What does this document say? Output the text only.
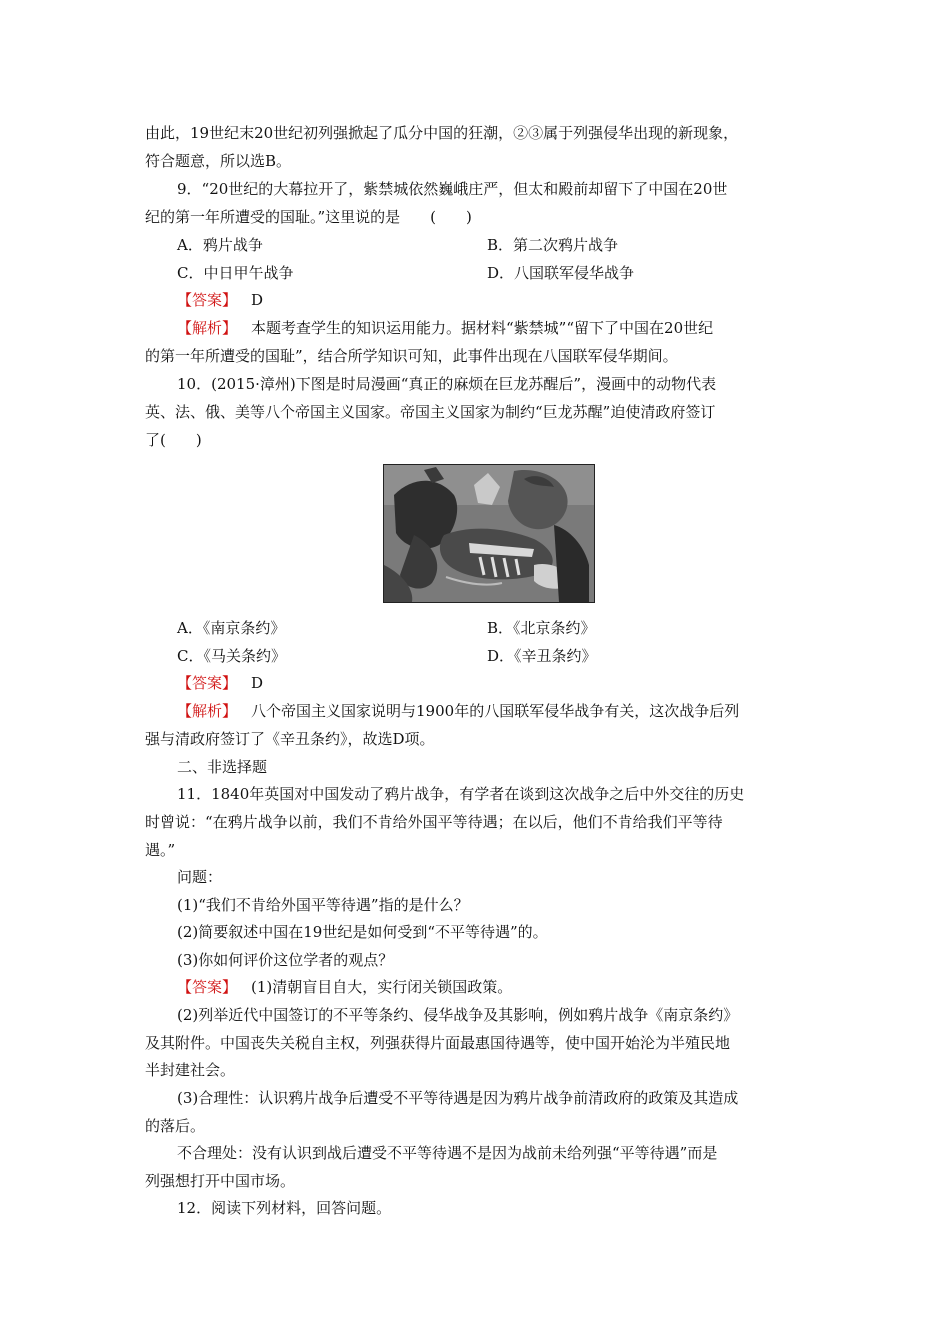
由此，19世纪末20世纪初列强掀起了瓜分中国的狂潮，②③属于列强侵华出现的新现象，
符合题意，所以选B。
9．“20世纪的大幕拉开了，紫禁城依然巍峨庄严，但太和殿前却留下了中国在20世
纪的第一年所遭受的国耻。”这里说的是　　(　　)
A．鸦片战争	B．第二次鸦片战争
C．中日甲午战争	D．八国联军侵华战争
【答案】 D
【解析】 本题考查学生的知识运用能力。据材料“紫禁城”“留下了中国在20世纪
的第一年所遭受的国耻”，结合所学知识可知，此事件出现在八国联军侵华期间。
10．(2015·漳州)下图是时局漫画“真正的麻烦在巨龙苏醒后”，漫画中的动物代表
英、法、俄、美等八个帝国主义国家。帝国主义国家为制约“巨龙苏醒”迫使清政府签订
了(　　)
A．《南京条约》	B．《北京条约》
C．《马关条约》	D．《辛丑条约》
【答案】 D
【解析】 八个帝国主义国家说明与1900年的八国联军侵华战争有关，这次战争后列
强与清政府签订了《辛丑条约》，故选D项。
二、非选择题
11．1840年英国对中国发动了鸦片战争，有学者在谈到这次战争之后中外交往的历史
时曾说：“在鸦片战争以前，我们不肯给外国平等待遇；在以后，他们不肯给我们平等待
遇。”
问题：
(1)“我们不肯给外国平等待遇”指的是什么？
(2)简要叙述中国在19世纪是如何受到“不平等待遇”的。
(3)你如何评价这位学者的观点？
【答案】 (1)清朝盲目自大，实行闭关锁国政策。
(2)列举近代中国签订的不平等条约、侵华战争及其影响，例如鸦片战争《南京条约》
及其附件。中国丧失关税自主权，列强获得片面最惠国待遇等，使中国开始沦为半殖民地
半封建社会。
(3)合理性：认识鸦片战争后遭受不平等待遇是因为鸦片战争前清政府的政策及其造成
的落后。
不合理处：没有认识到战后遭受不平等待遇不是因为战前未给列强“平等待遇”而是
列强想打开中国市场。
12．阅读下列材料，回答问题。
